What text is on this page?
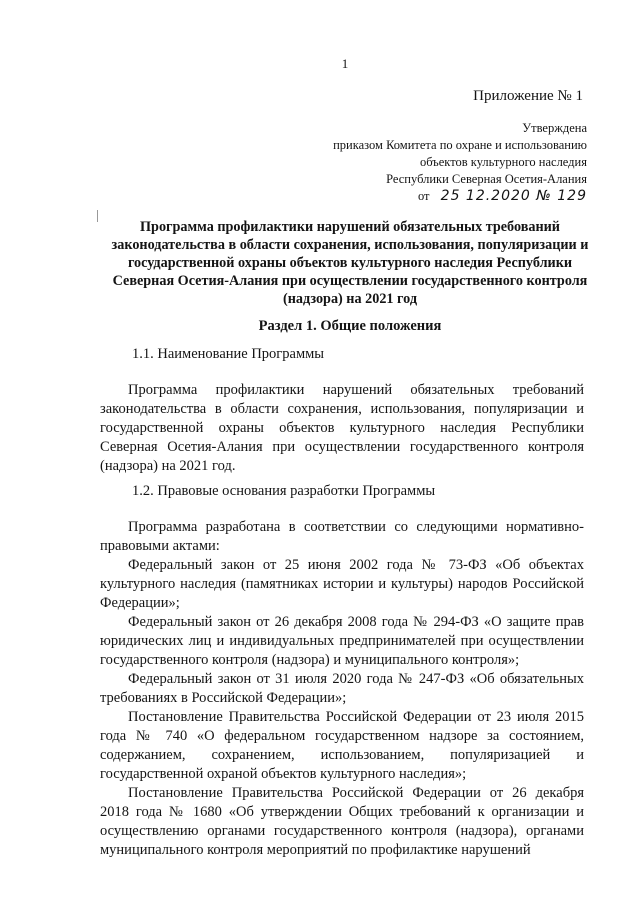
1
Приложение № 1
Утверждена
приказом Комитета по охране и использованию
объектов культурного наследия
Республики Северная Осетия-Алания
от 25 12.2020 № 129
Программа профилактики нарушений обязательных требований законодательства в области сохранения, использования, популяризации и государственной охраны объектов культурного наследия Республики Северная Осетия-Алания при осуществлении государственного контроля (надзора) на 2021 год
Раздел 1. Общие положения
1.1. Наименование Программы

Программа профилактики нарушений обязательных требований законодательства в области сохранения, использования, популяризации и государственной охраны объектов культурного наследия Республики Северная Осетия-Алания при осуществлении государственного контроля (надзора) на 2021 год.

1.2. Правовые основания разработки Программы

Программа разработана в соответствии со следующими нормативно-правовыми актами:

Федеральный закон от 25 июня 2002 года № 73-ФЗ «Об объектах культурного наследия (памятниках истории и культуры) народов Российской Федерации»;

Федеральный закон от 26 декабря 2008 года № 294-ФЗ «О защите прав юридических лиц и индивидуальных предпринимателей при осуществлении государственного контроля (надзора) и муниципального контроля»;

Федеральный закон от 31 июля 2020 года № 247-ФЗ «Об обязательных требованиях в Российской Федерации»;

Постановление Правительства Российской Федерации от 23 июля 2015 года № 740 «О федеральном государственном надзоре за состоянием, содержанием, сохранением, использованием, популяризацией и государственной охраной объектов культурного наследия»;

Постановление Правительства Российской Федерации от 26 декабря 2018 года № 1680 «Об утверждении Общих требований к организации и осуществлению органами государственного контроля (надзора), органами муниципального контроля мероприятий по профилактике нарушений
